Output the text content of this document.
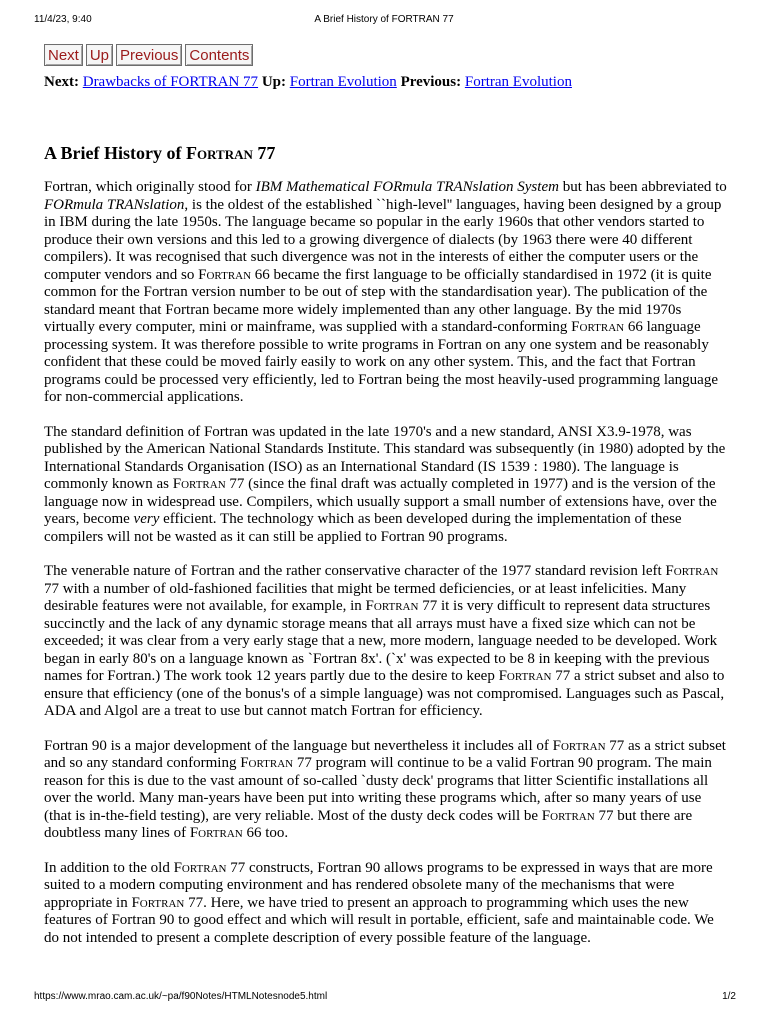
11/4/23, 9:40	A Brief History of FORTRAN 77
Next Up Previous Contents
Next: Drawbacks of FORTRAN 77 Up: Fortran Evolution Previous: Fortran Evolution
A Brief History of Fortran 77

Fortran, which originally stood for IBM Mathematical FORmula TRANslation System but has been abbreviated to FORmula TRANslation, is the oldest of the established ``high-level'' languages, having been designed by a group in IBM during the late 1950s. The language became so popular in the early 1960s that other vendors started to produce their own versions and this led to a growing divergence of dialects (by 1963 there were 40 different compilers). It was recognised that such divergence was not in the interests of either the computer users or the computer vendors and so Fortran 66 became the first language to be officially standardised in 1972 (it is quite common for the Fortran version number to be out of step with the standardisation year). The publication of the standard meant that Fortran became more widely implemented than any other language. By the mid 1970s virtually every computer, mini or mainframe, was supplied with a standard-conforming Fortran 66 language processing system. It was therefore possible to write programs in Fortran on any one system and be reasonably confident that these could be moved fairly easily to work on any other system. This, and the fact that Fortran programs could be processed very efficiently, led to Fortran being the most heavily-used programming language for non-commercial applications.

The standard definition of Fortran was updated in the late 1970's and a new standard, ANSI X3.9-1978, was published by the American National Standards Institute. This standard was subsequently (in 1980) adopted by the International Standards Organisation (ISO) as an International Standard (IS 1539 : 1980). The language is commonly known as Fortran 77 (since the final draft was actually completed in 1977) and is the version of the language now in widespread use. Compilers, which usually support a small number of extensions have, over the years, become very efficient. The technology which as been developed during the implementation of these compilers will not be wasted as it can still be applied to Fortran 90 programs.

The venerable nature of Fortran and the rather conservative character of the 1977 standard revision left Fortran 77 with a number of old-fashioned facilities that might be termed deficiencies, or at least infelicities. Many desirable features were not available, for example, in Fortran 77 it is very difficult to represent data structures succinctly and the lack of any dynamic storage means that all arrays must have a fixed size which can not be exceeded; it was clear from a very early stage that a new, more modern, language needed to be developed. Work began in early 80's on a language known as `Fortran 8x'. (`x' was expected to be 8 in keeping with the previous names for Fortran.) The work took 12 years partly due to the desire to keep Fortran 77 a strict subset and also to ensure that efficiency (one of the bonus's of a simple language) was not compromised. Languages such as Pascal, ADA and Algol are a treat to use but cannot match Fortran for efficiency.

Fortran 90 is a major development of the language but nevertheless it includes all of Fortran 77 as a strict subset and so any standard conforming Fortran 77 program will continue to be a valid Fortran 90 program. The main reason for this is due to the vast amount of so-called `dusty deck' programs that litter Scientific installations all over the world. Many man-years have been put into writing these programs which, after so many years of use (that is in-the-field testing), are very reliable. Most of the dusty deck codes will be Fortran 77 but there are doubtless many lines of Fortran 66 too.

In addition to the old Fortran 77 constructs, Fortran 90 allows programs to be expressed in ways that are more suited to a modern computing environment and has rendered obsolete many of the mechanisms that were appropriate in Fortran 77. Here, we have tried to present an approach to programming which uses the new features of Fortran 90 to good effect and which will result in portable, efficient, safe and maintainable code. We do not intended to present a complete description of every possible feature of the language.

https://www.mrao.cam.ac.uk/~pa/f90Notes/HTMLNotesnode5.html	1/2
